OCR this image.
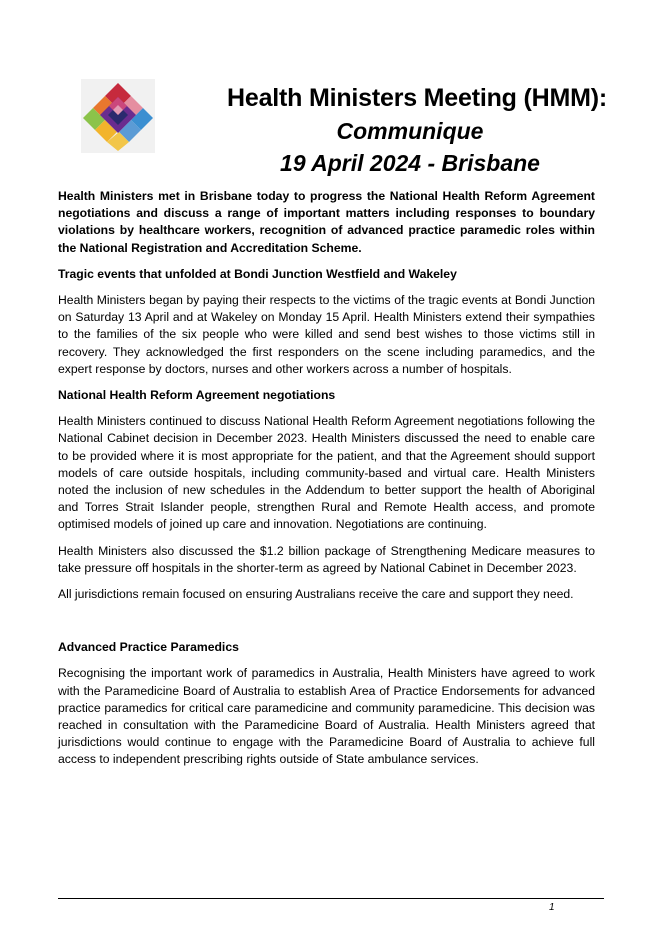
Health Ministers Meeting (HMM):
Communique
19 April 2024 - Brisbane

Health Ministers met in Brisbane today to progress the National Health Reform Agreement negotiations and discuss a range of important matters including responses to boundary violations by healthcare workers, recognition of advanced practice paramedic roles within the National Registration and Accreditation Scheme.

Tragic events that unfolded at Bondi Junction Westfield and Wakeley

Health Ministers began by paying their respects to the victims of the tragic events at Bondi Junction on Saturday 13 April and at Wakeley on Monday 15 April. Health Ministers extend their sympathies to the families of the six people who were killed and send best wishes to those victims still in recovery. They acknowledged the first responders on the scene including paramedics, and the expert response by doctors, nurses and other workers across a number of hospitals.

National Health Reform Agreement negotiations

Health Ministers continued to discuss National Health Reform Agreement negotiations following the National Cabinet decision in December 2023. Health Ministers discussed the need to enable care to be provided where it is most appropriate for the patient, and that the Agreement should support models of care outside hospitals, including community-based and virtual care. Health Ministers noted the inclusion of new schedules in the Addendum to better support the health of Aboriginal and Torres Strait Islander people, strengthen Rural and Remote Health access, and promote optimised models of joined up care and innovation. Negotiations are continuing.

Health Ministers also discussed the $1.2 billion package of Strengthening Medicare measures to take pressure off hospitals in the shorter-term as agreed by National Cabinet in December 2023.

All jurisdictions remain focused on ensuring Australians receive the care and support they need.

Advanced Practice Paramedics

Recognising the important work of paramedics in Australia, Health Ministers have agreed to work with the Paramedicine Board of Australia to establish Area of Practice Endorsements for advanced practice paramedics for critical care paramedicine and community paramedicine. This decision was reached in consultation with the Paramedicine Board of Australia. Health Ministers agreed that jurisdictions would continue to engage with the Paramedicine Board of Australia to achieve full access to independent prescribing rights outside of State ambulance services.

1
